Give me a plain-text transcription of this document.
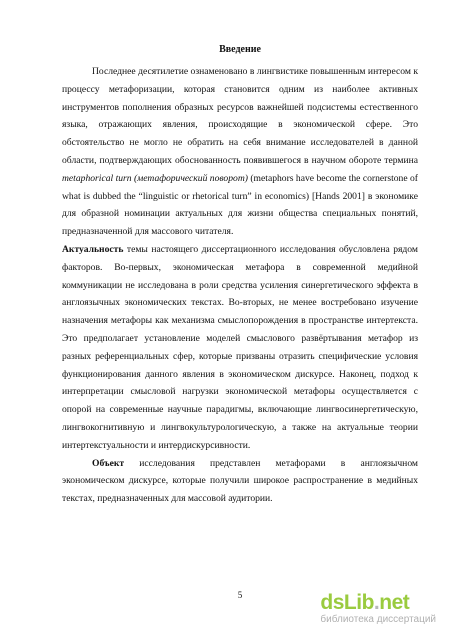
Введение

Последнее десятилетие ознаменовано в лингвистике повышенным интересом к процессу метафоризации, которая становится одним из наиболее активных инструментов пополнения образных ресурсов важнейшей подсистемы естественного языка, отражающих явления, происходящие в экономической сфере. Это обстоятельство не могло не обратить на себя внимание исследователей в данной области, подтверждающих обоснованность появившегося в научном обороте термина metaphorical turn (метафорический поворот) (metaphors have become the cornerstone of what is dubbed the “linguistic or rhetorical turn” in economics) [Hands 2001] в экономике для образной номинации актуальных для жизни общества специальных понятий, предназначенной для массового читателя.

Актуальность темы настоящего диссертационного исследования обусловлена рядом факторов. Во-первых, экономическая метафора в современной медийной коммуникации не исследована в роли средства усиления синергетического эффекта в англоязычных экономических текстах. Во-вторых, не менее востребовано изучение назначения метафоры как механизма смыслопорождения в пространстве интертекста. Это предполагает установление моделей смыслового развёртывания метафор из разных референциальных сфер, которые призваны отразить специфические условия функционирования данного явления в экономическом дискурсе. Наконец, подход к интерпретации смысловой нагрузки экономической метафоры осуществляется с опорой на современные научные парадигмы, включающие лингвосинергетическую, лингвокогнитивную и лингвокультурологическую, а также на актуальные теории интертекстуальности и интердискурсивности.

Объект исследования представлен метафорами в англоязычном экономическом дискурсе, которые получили широкое распространение в медийных текстах, предназначенных для массовой аудитории.

5	dsLib.net
библиотека диссертаций
